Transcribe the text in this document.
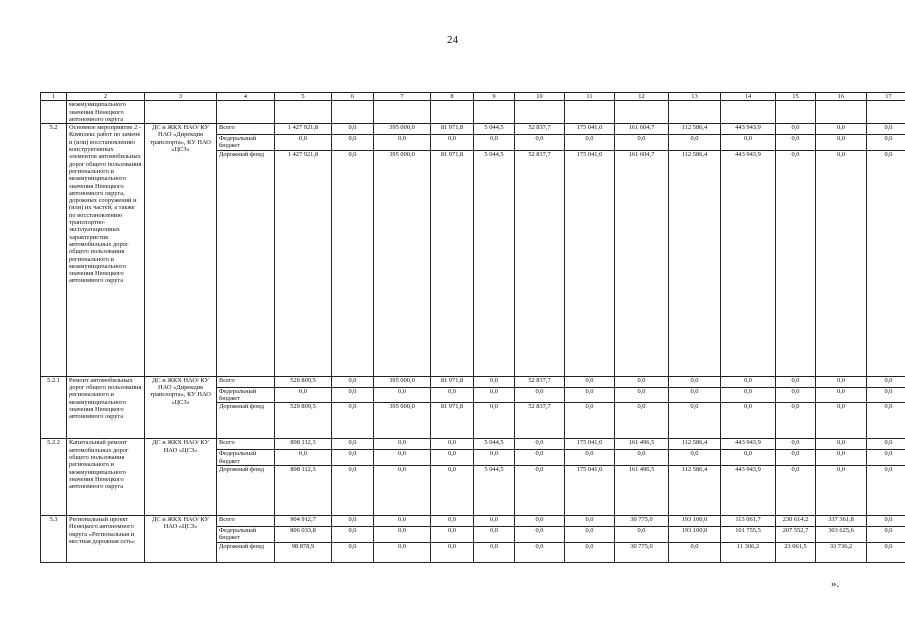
24
1	2	3	4	5	6	7	8	9	10	11	12	13	14	15	16	17
	межмуниципального значения Ненецкого автономного округа															
5.2	Основное мероприятие 2 - Комплекс работ по замене и (или) восстановлению конструктивных элементов автомобильных дорог общего пользования регионального и межмуниципального значения Ненецкого автономного округа, дорожных сооружений и (или) их частей, а также по восстановлению транспортно-эксплуатационных характеристик автомобильных дорог общего пользования регионального и межмуниципального значения Ненецкого автономного округа	ДС и ЖКХ НАО/ КУ НАО «Дирекция транспорта», КУ НАО «ЦСЗ»	Всего	1 427 921,8	0,0	395 000,0	81 971,8	5 044,5	52 837,7	175 041,0	161 604,7	112 586,4	443 943,9	0,0	0,0	0,0
			Федеральный бюджет	0,0	0,0	0,0	0,0	0,0	0,0	0,0	0,0	0,0	0,0	0,0	0,0	0,0
			Дорожный фонд	1 427 921,8	0,0	395 000,0	81 971,8	5 044,5	52 837,7	175 041,0	161 604,7	112 586,4	443 943,9	0,0	0,0	0,0
5.2.1	Ремонт автомобильных дорог общего пользования регионального и межмуниципального значения Ненецкого автономного округа	ДС и ЖКХ НАО/ КУ НАО «Дирекция транспорта», КУ НАО «ЦСЗ»	Всего	529 809,5	0,0	395 000,0	81 971,8	0,0	52 837,7	0,0	0,0	0,0	0,0	0,0	0,0	0,0
			Федеральный бюджет	0,0	0,0	0,0	0,0	0,0	0,0	0,0	0,0	0,0	0,0	0,0	0,0	0,0
			Дорожный фонд	529 809,5	0,0	395 000,0	81 971,8	0,0	52 837,7	0,0	0,0	0,0	0,0	0,0	0,0	0,0
5.2.2	Капитальный ремонт автомобильных дорог общего пользования регионального и межмуниципального значения Ненецкого автономного округа	ДС и ЖКХ НАО/ КУ НАО «ЦСЗ»	Всего	898 112,3	0,0	0,0	0,0	5 044,5	0,0	175 041,0	161 496,5	112 586,4	443 943,9	0,0	0,0	0,0
			Федеральный бюджет	0,0	0,0	0,0	0,0	0,0	0,0	0,0	0,0	0,0	0,0	0,0	0,0	0,0
			Дорожный фонд	898 112,3	0,0	0,0	0,0	5 044,5	0,0	175 041,0	161 496,5	112 586,4	443 943,9	0,0	0,0	0,0
5.3	Региональный проект Ненецкого автономного округа «Региональная и местная дорожная сеть»	ДС и ЖКХ НАО/ КУ НАО «ЦСЗ»	Всего	904 912,7	0,0	0,0	0,0	0,0	0,0	0,0	30 775,0	193 100,0	113 061,7	230 614,2	337 361,8	0,0
			Федеральный бюджет	806 033,8	0,0	0,0	0,0	0,0	0,0	0,0	0,0	193 100,0	101 755,5	207 552,7	303 625,6	0,0
			Дорожный фонд	98 878,9	0,0	0,0	0,0	0,0	0,0	0,0	30 775,0	0,0	11 306,2	23 061,5	33 736,2	0,0
».
